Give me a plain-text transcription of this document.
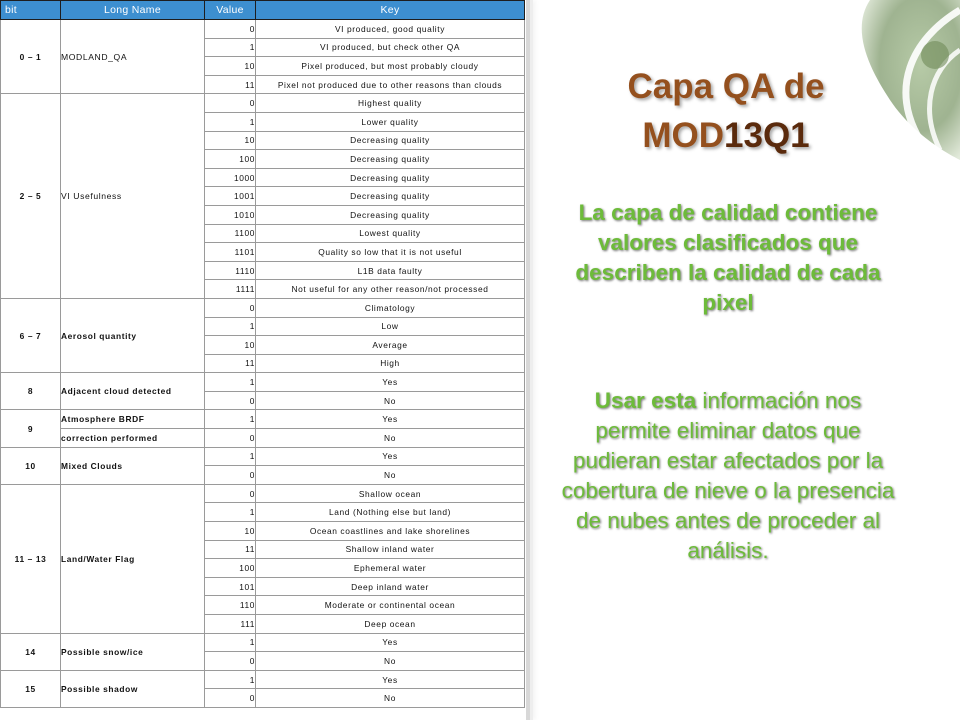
bit	Long Name	Value	Key
0 – 1	MODLAND_QA	0	VI produced, good quality
		1	VI produced, but check other QA
		10	Pixel produced, but most probably cloudy
		11	Pixel not produced due to other reasons than clouds
2 – 5	VI Usefulness	0	Highest quality
		1	Lower quality
		10	Decreasing quality
		100	Decreasing quality
		1000	Decreasing quality
		1001	Decreasing quality
		1010	Decreasing quality
		1100	Lowest quality
		1101	Quality so low that it is not useful
		1110	L1B data faulty
		1111	Not useful for any other reason/not processed
6 – 7	Aerosol quantity	0	Climatology
		1	Low
		10	Average
		11	High
8	Adjacent cloud detected	1	Yes
		0	No
9	Atmosphere BRDF	1	Yes
	correction performed	0	No
10	Mixed Clouds	1	Yes
		0	No
11 – 13	Land/Water Flag	0	Shallow ocean
		1	Land (Nothing else but land)
		10	Ocean coastlines and lake shorelines
		11	Shallow inland water
		100	Ephemeral water
		101	Deep inland water
		110	Moderate or continental ocean
		111	Deep ocean
14	Possible snow/ice	1	Yes
		0	No
15	Possible shadow	1	Yes
		0	No
Capa QA de
MOD13Q1
La capa de calidad contiene valores clasificados que describen la calidad de cada pixel
Usar esta información nos permite eliminar datos que pudieran estar afectados por la cobertura de nieve o la presencia de nubes antes de proceder al análisis.
